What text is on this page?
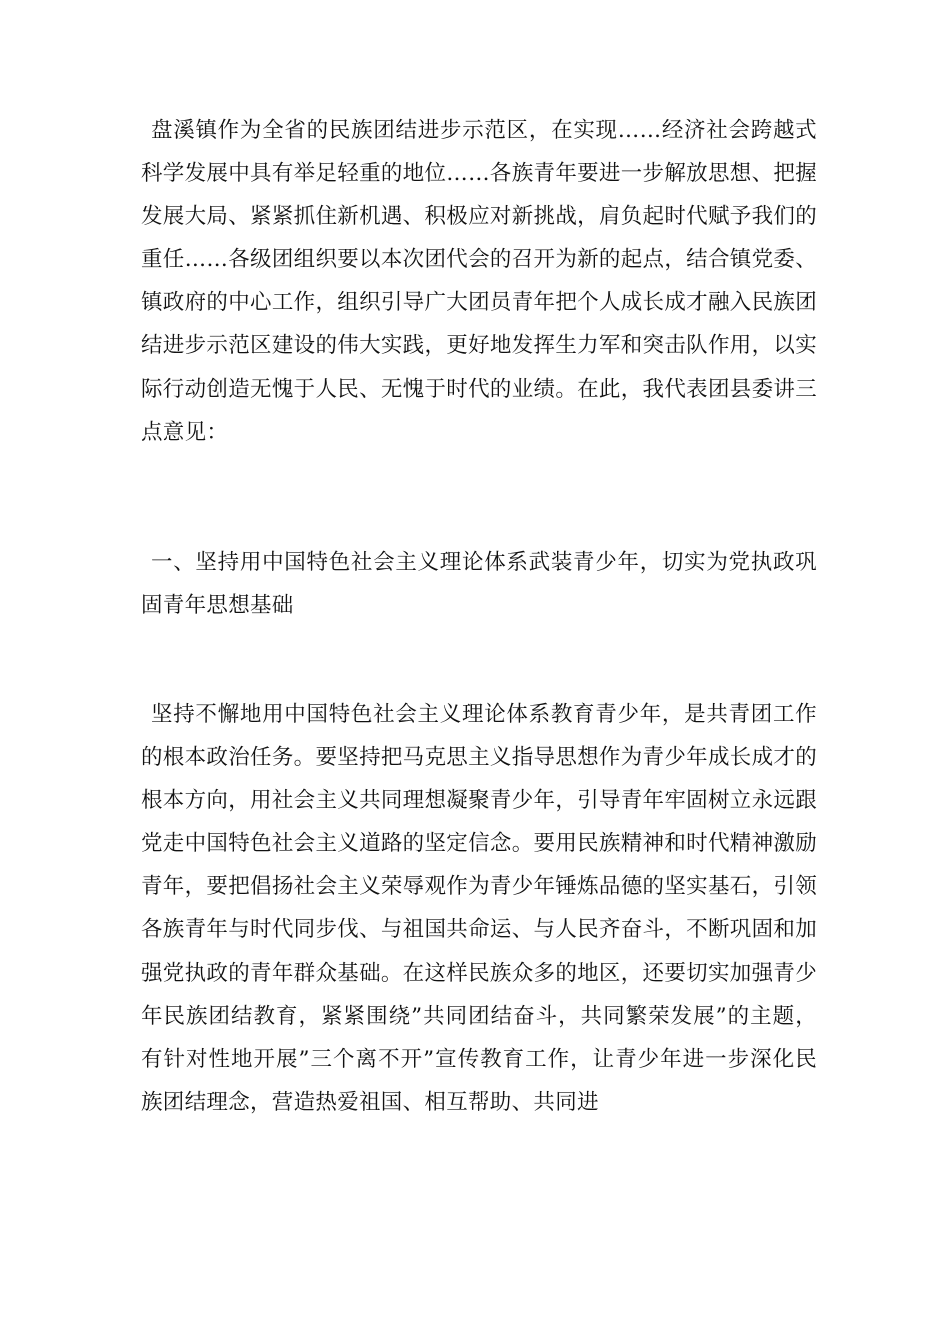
盘溪镇作为全省的民族团结进步示范区，在实现……经济社会跨越式科学发展中具有举足轻重的地位……各族青年要进一步解放思想、把握发展大局、紧紧抓住新机遇、积极应对新挑战，肩负起时代赋予我们的重任……各级团组织要以本次团代会的召开为新的起点，结合镇党委、镇政府的中心工作，组织引导广大团员青年把个人成长成才融入民族团结进步示范区建设的伟大实践，更好地发挥生力军和突击队作用，以实际行动创造无愧于人民、无愧于时代的业绩。在此，我代表团县委讲三点意见：

一、坚持用中国特色社会主义理论体系武装青少年，切实为党执政巩固青年思想基础

坚持不懈地用中国特色社会主义理论体系教育青少年，是共青团工作的根本政治任务。要坚持把马克思主义指导思想作为青少年成长成才的根本方向，用社会主义共同理想凝聚青少年，引导青年牢固树立永远跟党走中国特色社会主义道路的坚定信念。要用民族精神和时代精神激励青年，要把倡扬社会主义荣辱观作为青少年锤炼品德的坚实基石，引领各族青年与时代同步伐、与祖国共命运、与人民齐奋斗，不断巩固和加强党执政的青年群众基础。在这样民族众多的地区，还要切实加强青少年民族团结教育，紧紧围绕”共同团结奋斗，共同繁荣发展”的主题，有针对性地开展”三个离不开”宣传教育工作，让青少年进一步深化民族团结理念，营造热爱祖国、相互帮助、共同进
